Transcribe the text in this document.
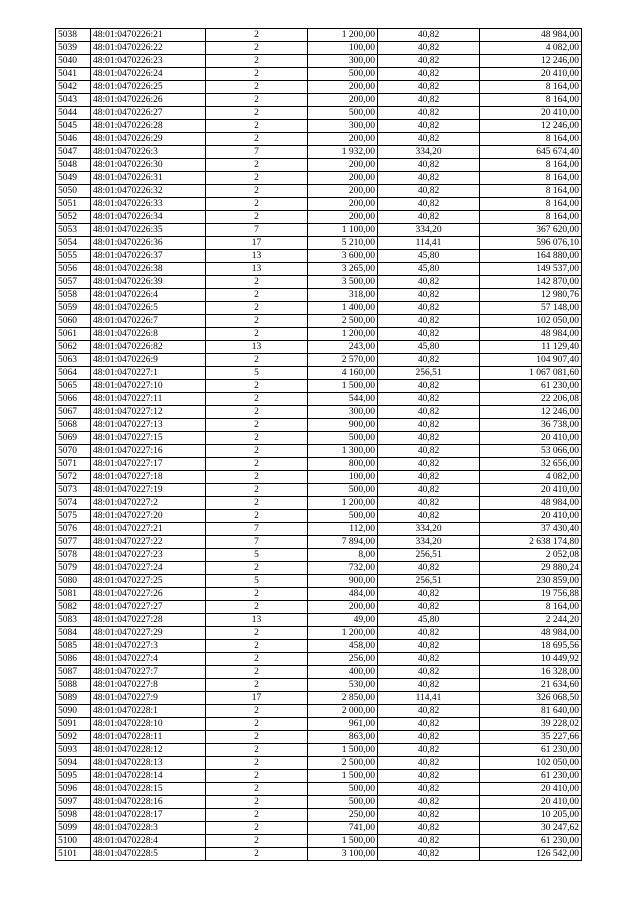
5038	48:01:0470226:21	2	1 200,00	40,82	48 984,00
5039	48:01:0470226:22	2	100,00	40,82	4 082,00
5040	48:01:0470226:23	2	300,00	40,82	12 246,00
5041	48:01:0470226:24	2	500,00	40,82	20 410,00
5042	48:01:0470226:25	2	200,00	40,82	8 164,00
5043	48:01:0470226:26	2	200,00	40,82	8 164,00
5044	48:01:0470226:27	2	500,00	40,82	20 410,00
5045	48:01:0470226:28	2	300,00	40,82	12 246,00
5046	48:01:0470226:29	2	200,00	40,82	8 164,00
5047	48:01:0470226:3	7	1 932,00	334,20	645 674,40
5048	48:01:0470226:30	2	200,00	40,82	8 164,00
5049	48:01:0470226:31	2	200,00	40,82	8 164,00
5050	48:01:0470226:32	2	200,00	40,82	8 164,00
5051	48:01:0470226:33	2	200,00	40,82	8 164,00
5052	48:01:0470226:34	2	200,00	40,82	8 164,00
5053	48:01:0470226:35	7	1 100,00	334,20	367 620,00
5054	48:01:0470226:36	17	5 210,00	114,41	596 076,10
5055	48:01:0470226:37	13	3 600,00	45,80	164 880,00
5056	48:01:0470226:38	13	3 265,00	45,80	149 537,00
5057	48:01:0470226:39	2	3 500,00	40,82	142 870,00
5058	48:01:0470226:4	2	318,00	40,82	12 980,76
5059	48:01:0470226:5	2	1 400,00	40,82	57 148,00
5060	48:01:0470226:7	2	2 500,00	40,82	102 050,00
5061	48:01:0470226:8	2	1 200,00	40,82	48 984,00
5062	48:01:0470226:82	13	243,00	45,80	11 129,40
5063	48:01:0470226:9	2	2 570,00	40,82	104 907,40
5064	48:01:0470227:1	5	4 160,00	256,51	1 067 081,60
5065	48:01:0470227:10	2	1 500,00	40,82	61 230,00
5066	48:01:0470227:11	2	544,00	40,82	22 206,08
5067	48:01:0470227:12	2	300,00	40,82	12 246,00
5068	48:01:0470227:13	2	900,00	40,82	36 738,00
5069	48:01:0470227:15	2	500,00	40,82	20 410,00
5070	48:01:0470227:16	2	1 300,00	40,82	53 066,00
5071	48:01:0470227:17	2	800,00	40,82	32 656,00
5072	48:01:0470227:18	2	100,00	40,82	4 082,00
5073	48:01:0470227:19	2	500,00	40,82	20 410,00
5074	48:01:0470227:2	2	1 200,00	40,82	48 984,00
5075	48:01:0470227:20	2	500,00	40,82	20 410,00
5076	48:01:0470227:21	7	112,00	334,20	37 430,40
5077	48:01:0470227:22	7	7 894,00	334,20	2 638 174,80
5078	48:01:0470227:23	5	8,00	256,51	2 052,08
5079	48:01:0470227:24	2	732,00	40,82	29 880,24
5080	48:01:0470227:25	5	900,00	256,51	230 859,00
5081	48:01:0470227:26	2	484,00	40,82	19 756,88
5082	48:01:0470227:27	2	200,00	40,82	8 164,00
5083	48:01:0470227:28	13	49,00	45,80	2 244,20
5084	48:01:0470227:29	2	1 200,00	40,82	48 984,00
5085	48:01:0470227:3	2	458,00	40,82	18 695,56
5086	48:01:0470227:4	2	256,00	40,82	10 449,92
5087	48:01:0470227:7	2	400,00	40,82	16 328,00
5088	48:01:0470227:8	2	530,00	40,82	21 634,60
5089	48:01:0470227:9	17	2 850,00	114,41	326 068,50
5090	48:01:0470228:1	2	2 000,00	40,82	81 640,00
5091	48:01:0470228:10	2	961,00	40,82	39 228,02
5092	48:01:0470228:11	2	863,00	40,82	35 227,66
5093	48:01:0470228:12	2	1 500,00	40,82	61 230,00
5094	48:01:0470228:13	2	2 500,00	40,82	102 050,00
5095	48:01:0470228:14	2	1 500,00	40,82	61 230,00
5096	48:01:0470228:15	2	500,00	40,82	20 410,00
5097	48:01:0470228:16	2	500,00	40,82	20 410,00
5098	48:01:0470228:17	2	250,00	40,82	10 205,00
5099	48:01:0470228:3	2	741,00	40,82	30 247,62
5100	48:01:0470228:4	2	1 500,00	40,82	61 230,00
5101	48:01:0470228:5	2	3 100,00	40,82	126 542,00
